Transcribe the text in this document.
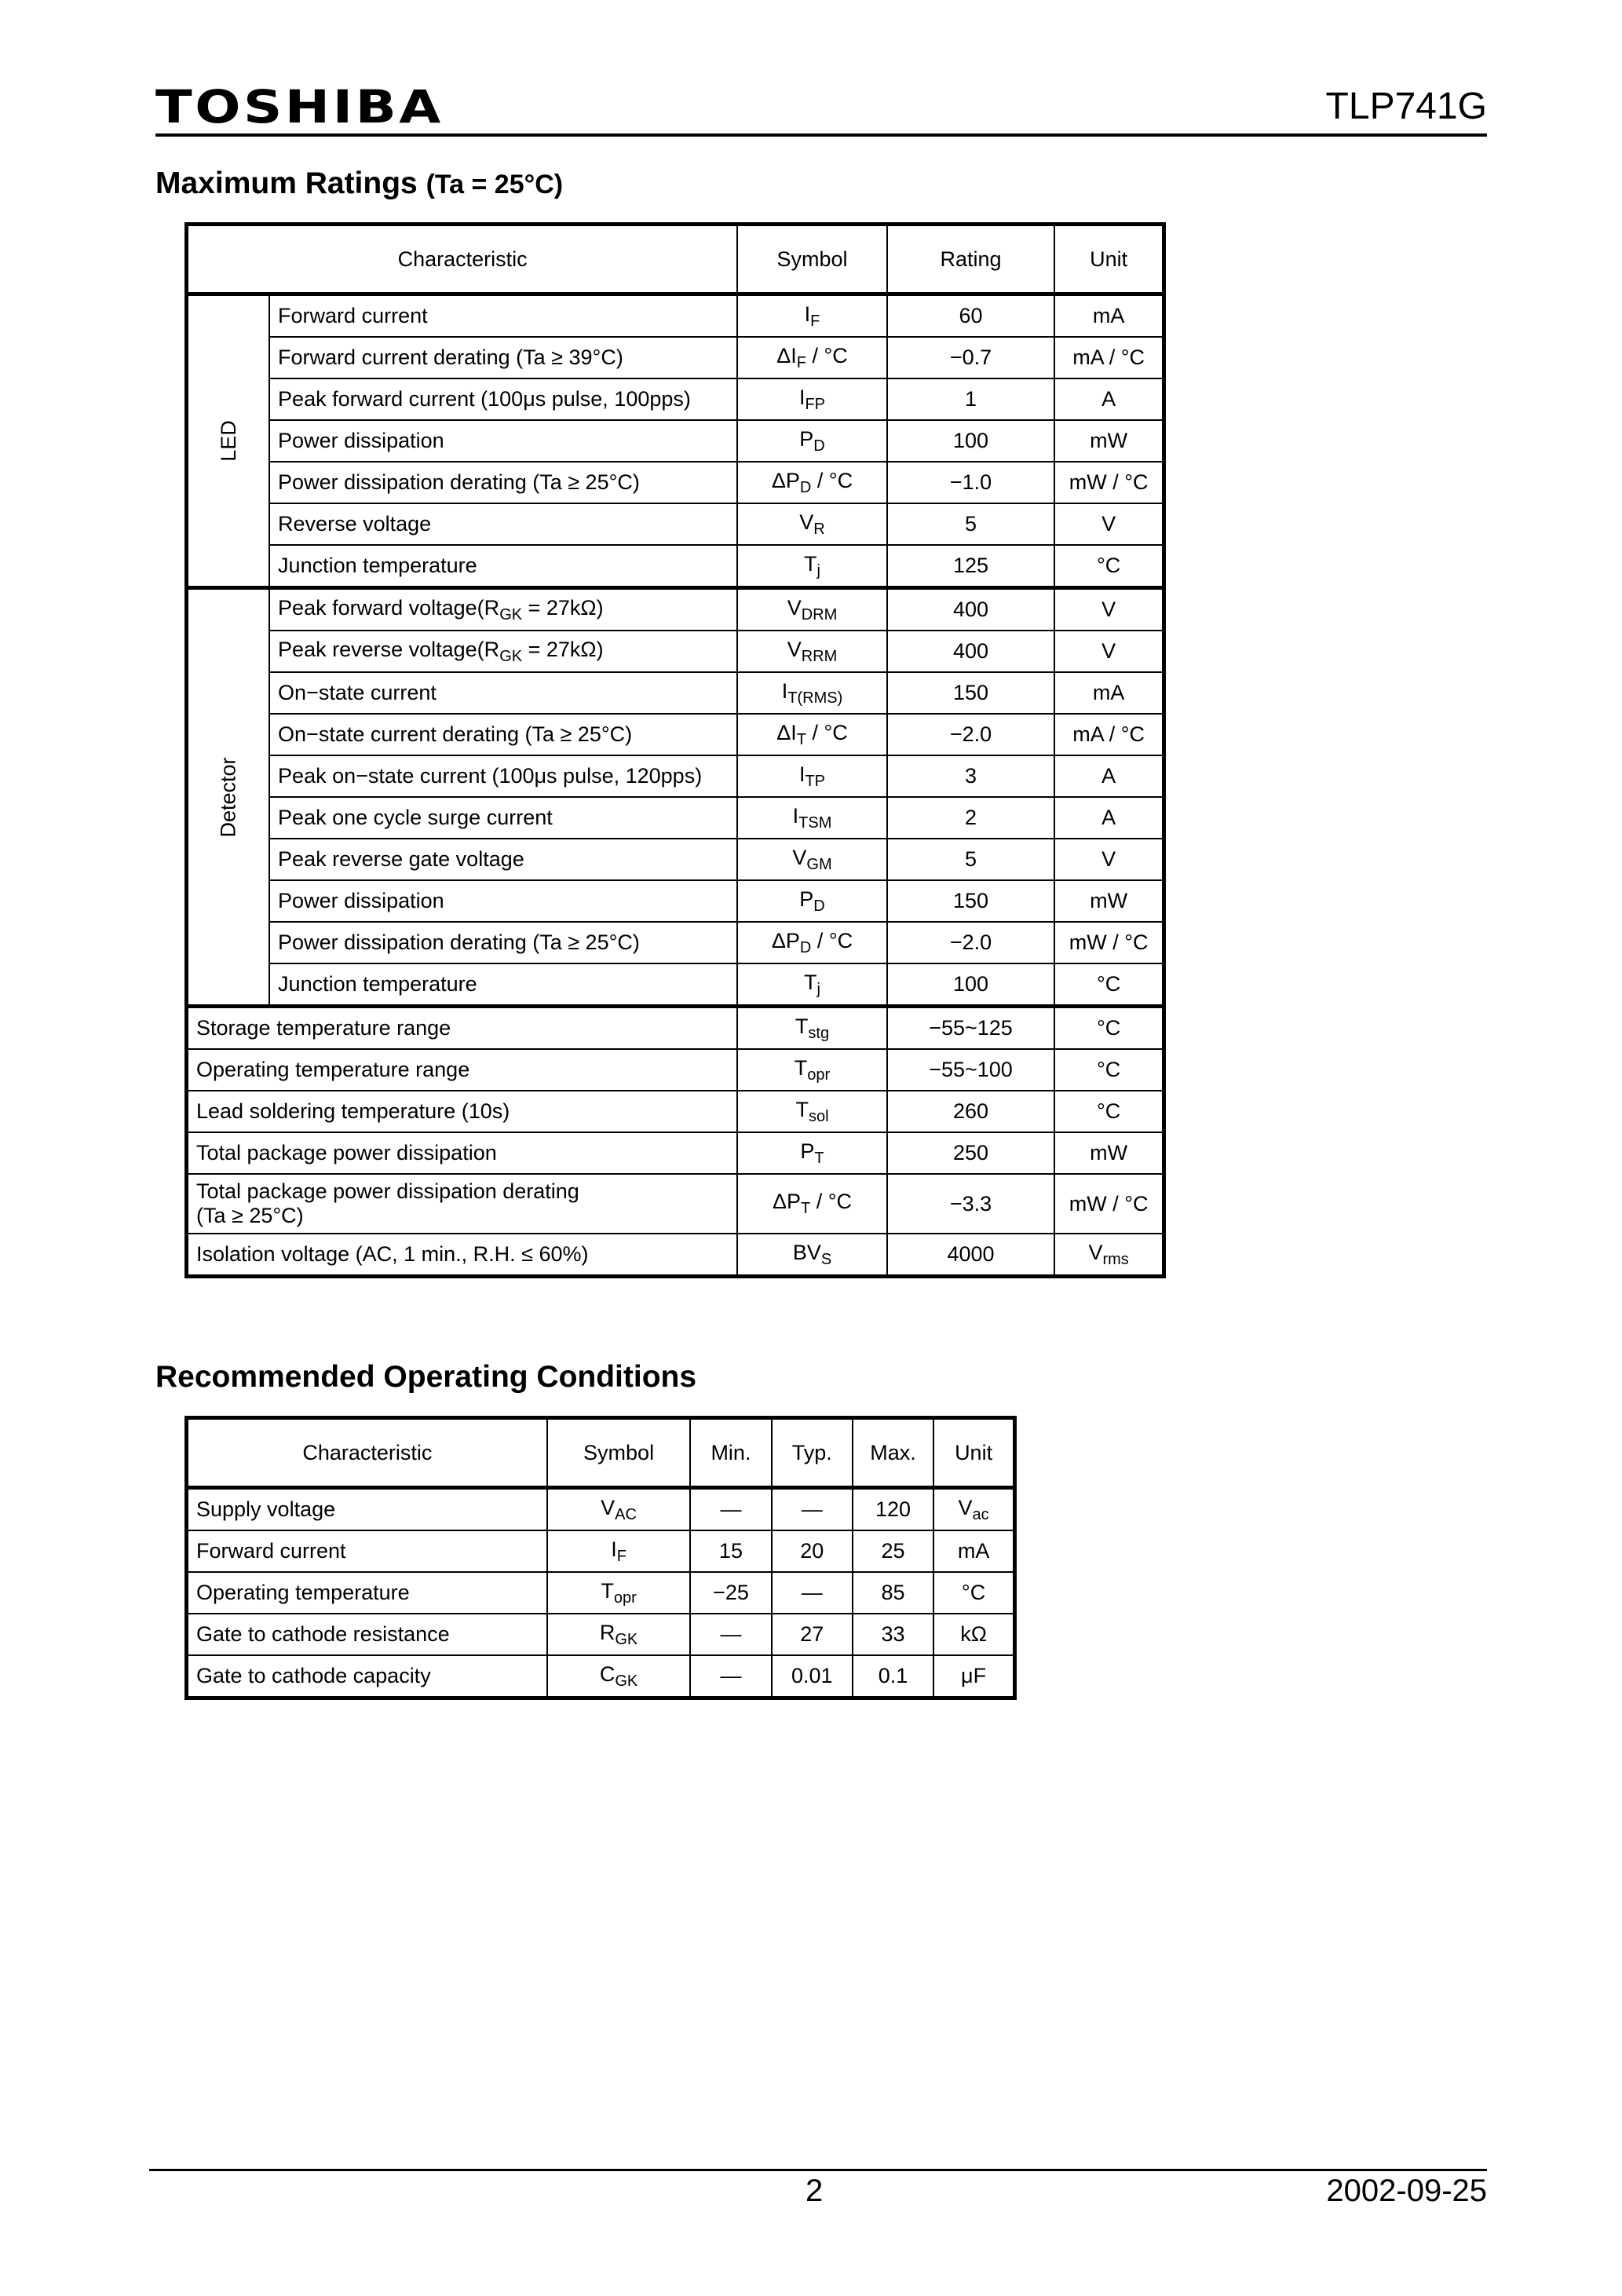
TOSHIBA	TLP741G
Maximum Ratings (Ta = 25°C)
Characteristic		Symbol	Rating	Unit
LED	Forward current	$I_F$	60	mA
	Forward current derating (Ta ≥ 39°C)	$\Delta I_F / ^\circ C$	−0.7	mA / °C
	Peak forward current (100μs pulse, 100pps)	$I_{FP}$	1	A
	Power dissipation	$P_D$	100	mW
	Power dissipation derating (Ta ≥ 25°C)	$\Delta P_D / ^\circ C$	−1.0	mW / °C
	Reverse voltage	$V_R$	5	V
	Junction temperature	$T_j$	125	°C
Detector	Peak forward $voltage(R_{GK} = 27k\Omega)$	$V_{DRM}$	400	V
	Peak reverse $voltage(R_{GK} = 27k\Omega)$	$V_{RRM}$	400	V
	On−state current	$I_{T(RMS)}$	150	mA
	On−state current derating (Ta ≥ 25°C)	$\Delta I_T / ^\circ C$	−2.0	mA / °C
	Peak on−state current (100μs pulse, 120pps)	$I_{TP}$	3	A
	Peak one cycle surge current	$I_{TSM}$	2	A
	Peak reverse gate voltage	$V_{GM}$	5	V
	Power dissipation	$P_D$	150	mW
	Power dissipation derating (Ta ≥ 25°C)	$\Delta P_D / ^\circ C$	−2.0	mW / °C
	Junction temperature	$T_j$	100	°C
Storage temperature range		$T_{stg}$	−55~125	°C
Operating temperature range		$T_{opr}$	−55~100	°C
Lead soldering temperature (10s)		$T_{sol}$	260	°C
Total package power dissipation		$P_T$	250	mW
Total package power dissipation derating
(Ta ≥ 25°C)		$\Delta P_T / ^\circ C$	−3.3	mW / °C
Isolation voltage (AC, 1 min., R.H. ≤ 60%)		$BV_S$	4000	$V_{rms}$
Recommended Operating Conditions
Characteristic	Symbol	Min.	Typ.	Max.	Unit
Supply voltage	$V_{AC}$	—	—	120	$V_{ac}$
Forward current	$I_F$	15	20	25	mA
Operating temperature	$T_{opr}$	−25	—	85	°C
Gate to cathode resistance	$R_{GK}$	—	27	33	kΩ
Gate to cathode capacity	$C_{GK}$	—	0.01	0.1	μF
2	2002-09-25
